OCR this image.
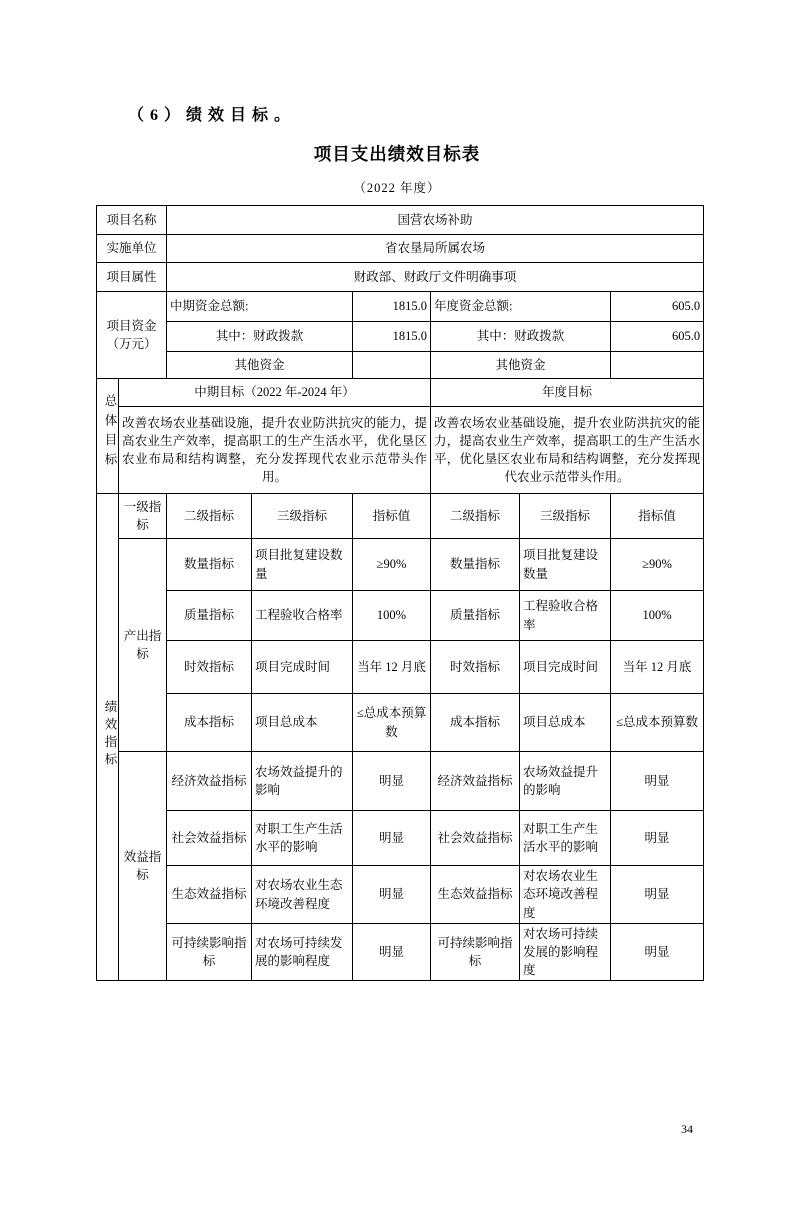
（6）绩效目标。
项目支出绩效目标表
（2022 年度）
项目名称		国营农场补助					
实施单位		省农垦局所属农场					
项目属性		财政部、财政厅文件明确事项					
项目资金
（万元）		中期资金总额:		1815.0	年度资金总额:		605.0
		其中：财政拨款		1815.0	其中：财政拨款		605.0
		其他资金			其他资金		
总体目标	中期目标（2022 年-2024 年）				年度目标		
	改善农场农业基础设施，提升农业防洪抗灾的能力，提高农业生产效率，提高职工的生产生活水平，优化垦区农业布局和结构调整，充分发挥现代农业示范带头作用。				改善农场农业基础设施，提升农业防洪抗灾的能力，提高农业生产效率，提高职工的生产生活水平，优化垦区农业布局和结构调整，充分发挥现代农业示范带头作用。		
绩效指标	一级指标	二级指标	三级指标	指标值	二级指标	三级指标	指标值
	产出指标	数量指标	项目批复建设数量	≥90%	数量指标	项目批复建设数量	≥90%
		质量指标	工程验收合格率	100%	质量指标	工程验收合格率	100%
		时效指标	项目完成时间	当年 12 月底	时效指标	项目完成时间	当年 12 月底
		成本指标	项目总成本	≤总成本预算数	成本指标	项目总成本	≤总成本预算数
	效益指标	经济效益指标	农场效益提升的影响	明显	经济效益指标	农场效益提升的影响	明显
		社会效益指标	对职工生产生活水平的影响	明显	社会效益指标	对职工生产生活水平的影响	明显
		生态效益指标	对农场农业生态环境改善程度	明显	生态效益指标	对农场农业生态环境改善程度	明显
		可持续影响指标	对农场可持续发展的影响程度	明显	可持续影响指标	对农场可持续发展的影响程度	明显
34
